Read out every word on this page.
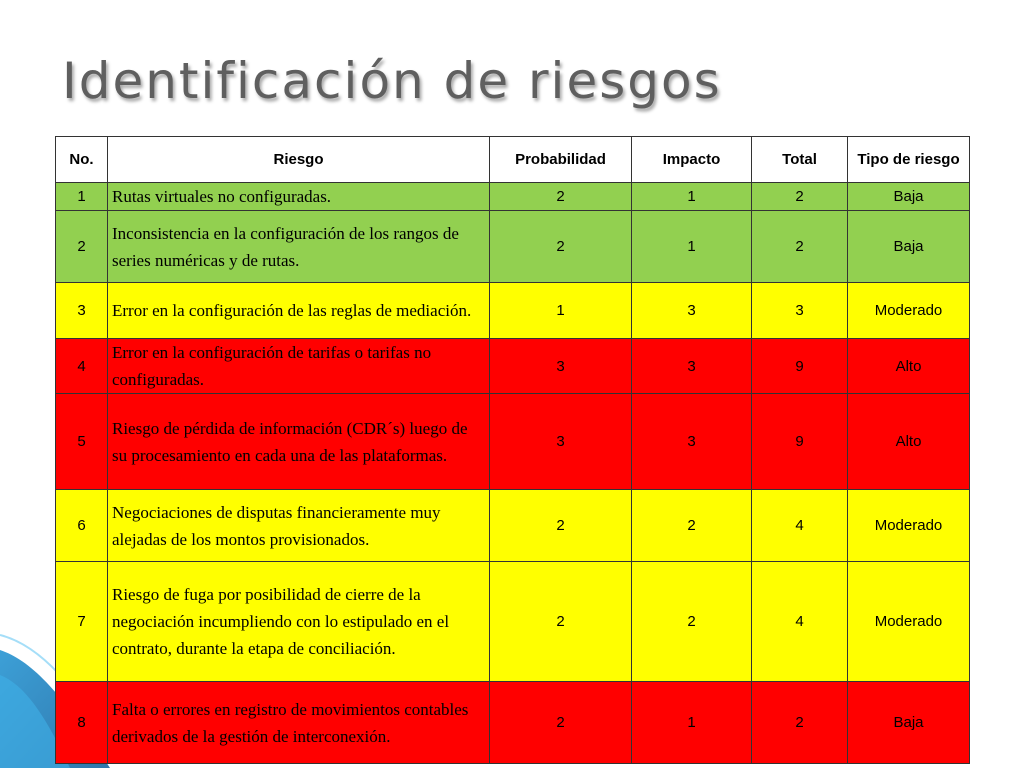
Identificación de riesgos
No.	Riesgo	Probabilidad	Impacto	Total	Tipo de riesgo
1	Rutas virtuales no configuradas.	2	1	2	Baja
2	Inconsistencia en la configuración de los rangos de series numéricas y de rutas.	2	1	2	Baja
3	Error en la configuración de las reglas de mediación.	1	3	3	Moderado
4	Error en la configuración de tarifas o tarifas no configuradas.	3	3	9	Alto
5	Riesgo de pérdida de información (CDR´s) luego de su procesamiento en cada una de las plataformas.	3	3	9	Alto
6	Negociaciones de disputas financieramente muy alejadas de los montos provisionados.	2	2	4	Moderado
7	Riesgo de fuga por posibilidad de cierre de la negociación incumpliendo con lo estipulado en el contrato, durante la etapa de conciliación.	2	2	4	Moderado
8	Falta o errores en registro de movimientos contables derivados de la gestión de interconexión.	2	1	2	Baja
